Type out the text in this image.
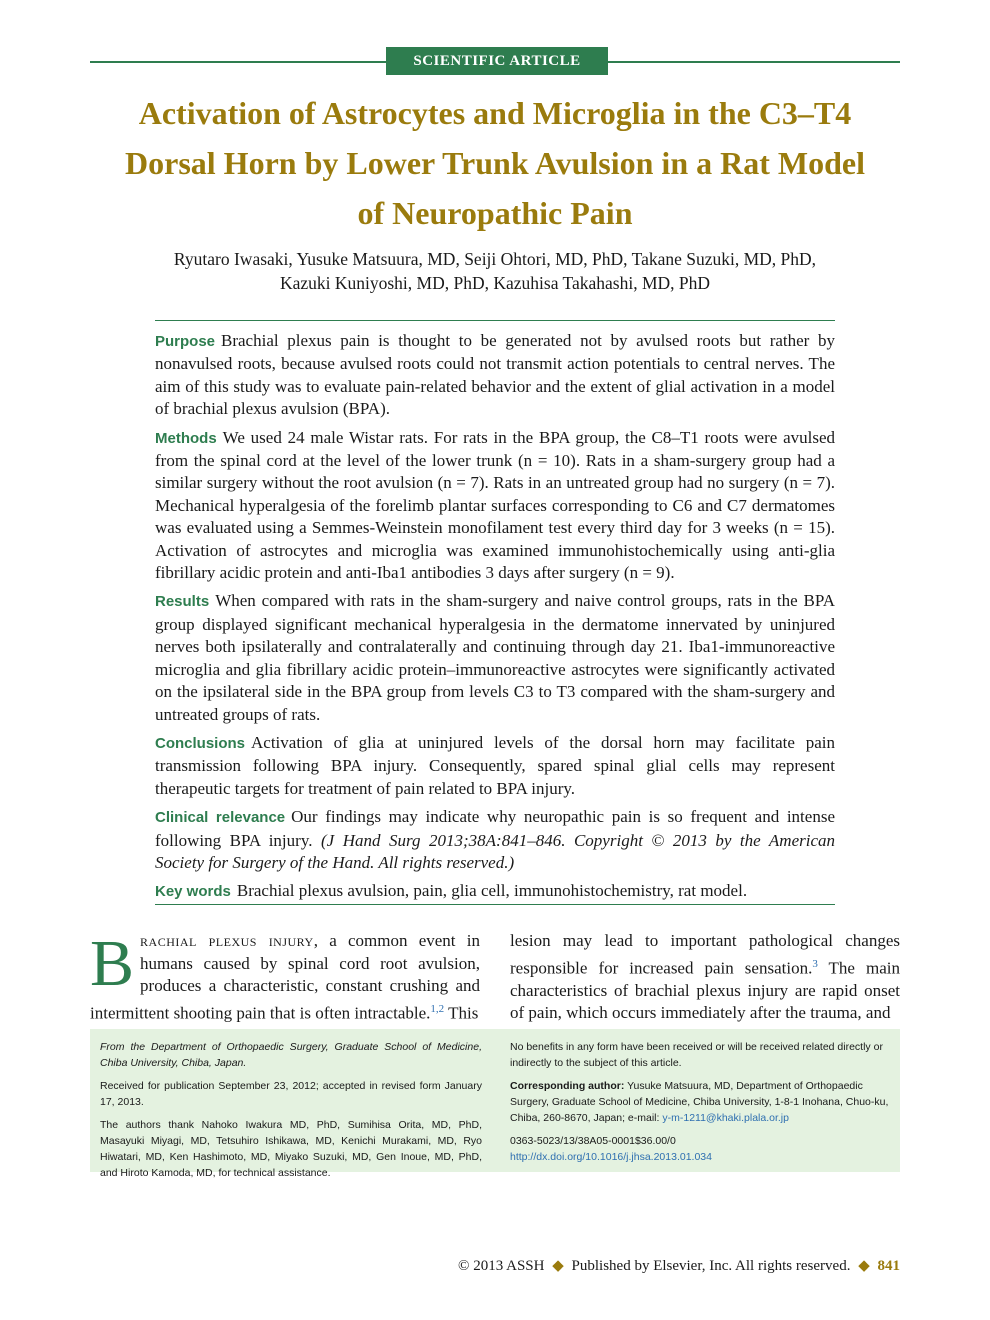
SCIENTIFIC ARTICLE
Activation of Astrocytes and Microglia in the C3–T4
Dorsal Horn by Lower Trunk Avulsion in a Rat Model
of Neuropathic Pain
Ryutaro Iwasaki, Yusuke Matsuura, MD, Seiji Ohtori, MD, PhD, Takane Suzuki, MD, PhD,
Kazuki Kuniyoshi, MD, PhD, Kazuhisa Takahashi, MD, PhD

Purpose Brachial plexus pain is thought to be generated not by avulsed roots but rather by nonavulsed roots, because avulsed roots could not transmit action potentials to central nerves. The aim of this study was to evaluate pain-related behavior and the extent of glial activation in a model of brachial plexus avulsion (BPA).

Methods We used 24 male Wistar rats. For rats in the BPA group, the C8–T1 roots were avulsed from the spinal cord at the level of the lower trunk (n = 10). Rats in a sham-surgery group had a similar surgery without the root avulsion (n = 7). Rats in an untreated group had no surgery (n = 7). Mechanical hyperalgesia of the forelimb plantar surfaces corresponding to C6 and C7 dermatomes was evaluated using a Semmes-Weinstein monofilament test every third day for 3 weeks (n = 15). Activation of astrocytes and microglia was examined immunohistochemically using anti-glia fibrillary acidic protein and anti-Iba1 antibodies 3 days after surgery (n = 9).

Results When compared with rats in the sham-surgery and naive control groups, rats in the BPA group displayed significant mechanical hyperalgesia in the dermatome innervated by uninjured nerves both ipsilaterally and contralaterally and continuing through day 21. Iba1-immunoreactive microglia and glia fibrillary acidic protein–immunoreactive astrocytes were significantly activated on the ipsilateral side in the BPA group from levels C3 to T3 compared with the sham-surgery and untreated groups of rats.

Conclusions Activation of glia at uninjured levels of the dorsal horn may facilitate pain transmission following BPA injury. Consequently, spared spinal glial cells may represent therapeutic targets for treatment of pain related to BPA injury.

Clinical relevance Our findings may indicate why neuropathic pain is so frequent and intense following BPA injury. (J Hand Surg 2013;38A:841–846. Copyright © 2013 by the American Society for Surgery of the Hand. All rights reserved.)

Key words Brachial plexus avulsion, pain, glia cell, immunohistochemistry, rat model.

Brachial plexus injury, a common event in humans caused by spinal cord root avulsion, produces a characteristic, constant crushing and intermittent shooting pain that is often intractable.$^{1,2}$ This
lesion may lead to important pathological changes responsible for increased pain sensation.$^3$ The main characteristics of brachial plexus injury are rapid onset of pain, which occurs immediately after the trauma, and

From the Department of Orthopaedic Surgery, Graduate School of Medicine, Chiba University, Chiba, Japan.

Received for publication September 23, 2012; accepted in revised form January 17, 2013.

The authors thank Nahoko Iwakura MD, PhD, Sumihisa Orita, MD, PhD, Masayuki Miyagi, MD, Tetsuhiro Ishikawa, MD, Kenichi Murakami, MD, Ryo Hiwatari, MD, Ken Hashimoto, MD, Miyako Suzuki, MD, Gen Inoue, MD, PhD, and Hiroto Kamoda, MD, for technical assistance.

No benefits in any form have been received or will be received related directly or indirectly to the subject of this article.

Corresponding author: Yusuke Matsuura, MD, Department of Orthopaedic Surgery, Graduate School of Medicine, Chiba University, 1-8-1 Inohana, Chuo-ku, Chiba, 260-8670, Japan; e-mail: y-m-1211@khaki.plala.or.jp

0363-5023/13/38A05-0001$36.00/0
http://dx.doi.org/10.1016/j.jhsa.2013.01.034

© 2013 ASSH ◆ Published by Elsevier, Inc. All rights reserved. ◆ 841
